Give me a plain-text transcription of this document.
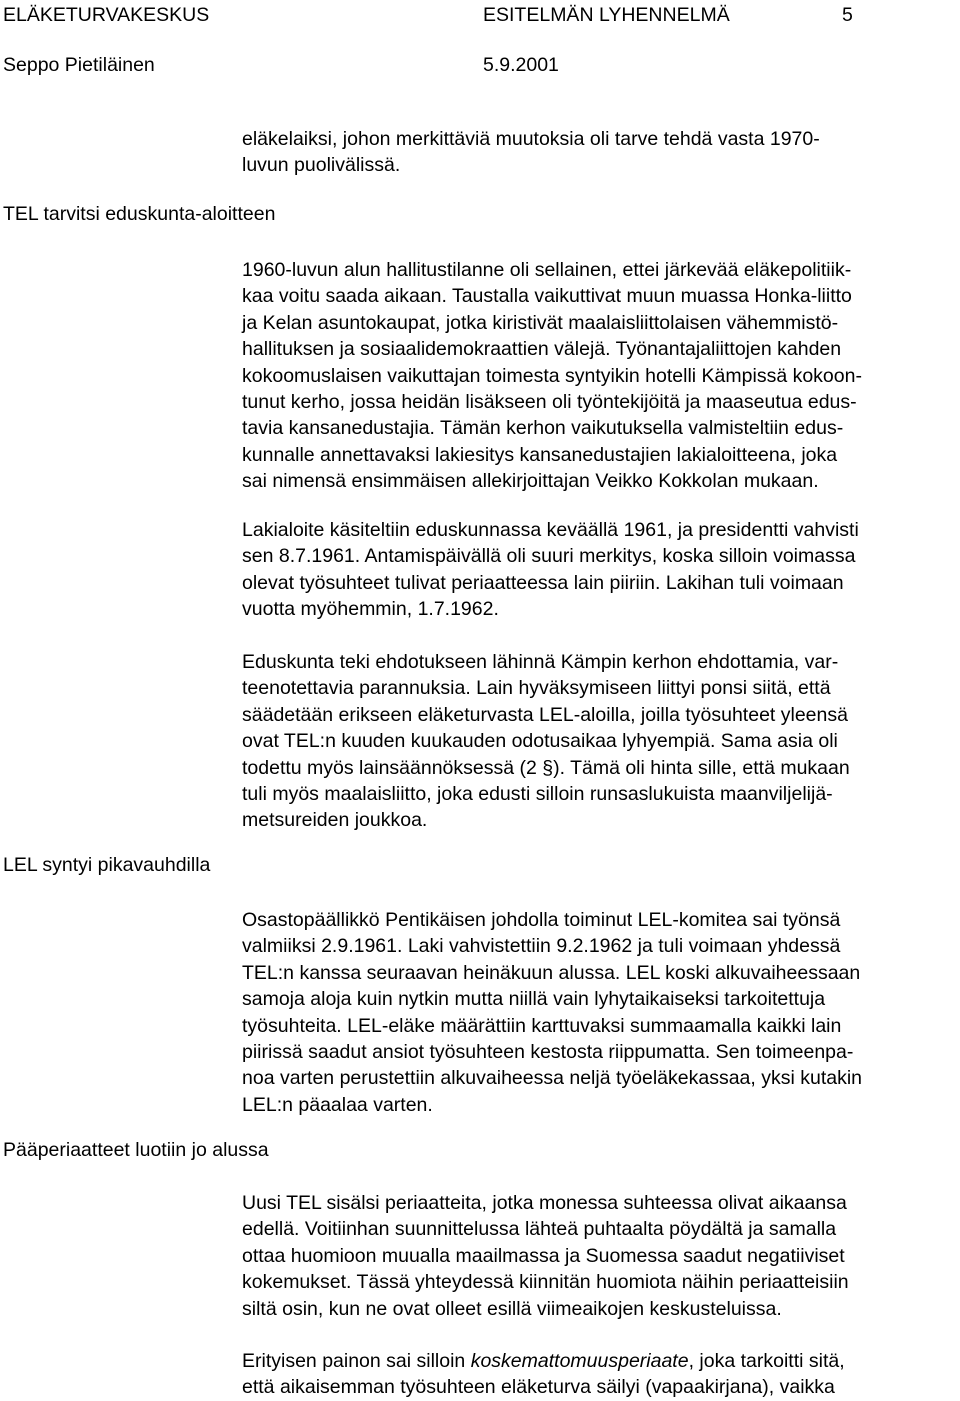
ELÄKETURVAKESKUS	ESITELMÄN LYHENNELMÄ	5
Seppo Pietiläinen	5.9.2001
TEL tarvitsi eduskunta-aloitteen
LEL syntyi pikavauhdilla
Pääperiaatteet luotiin jo alussa
eläkelaiksi, johon merkittäviä muutoksia oli tarve tehdä vasta 1970-
luvun puolivälissä.
1960-luvun alun hallitustilanne oli sellainen, ettei järkevää eläkepolitiik-
kaa voitu saada aikaan. Taustalla vaikuttivat muun muassa Honka-liitto
ja Kelan asuntokaupat, jotka kiristivät maalaisliittolaisen vähemmistö-
hallituksen ja sosiaalidemokraattien välejä. Työnantajaliittojen kahden
kokoomuslaisen vaikuttajan toimesta syntyikin hotelli Kämpissä kokoon-
tunut kerho, jossa heidän lisäkseen oli työntekijöitä ja maaseutua edus-
tavia kansanedustajia. Tämän kerhon vaikutuksella valmisteltiin edus-
kunnalle annettavaksi lakiesitys kansanedustajien lakialoitteena, joka
sai nimensä ensimmäisen allekirjoittajan Veikko Kokkolan mukaan.
Lakialoite käsiteltiin eduskunnassa keväällä 1961, ja presidentti vahvisti
sen 8.7.1961. Antamispäivällä oli suuri merkitys, koska silloin voimassa
olevat työsuhteet tulivat periaatteessa lain piiriin. Lakihan tuli voimaan
vuotta myöhemmin, 1.7.1962.
Eduskunta teki ehdotukseen lähinnä Kämpin kerhon ehdottamia, var-
teenotettavia parannuksia. Lain hyväksymiseen liittyi ponsi siitä, että
säädetään erikseen eläketurvasta LEL-aloilla, joilla työsuhteet yleensä
ovat TEL:n kuuden kuukauden odotusaikaa lyhyempiä. Sama asia oli
todettu myös lainsäännöksessä (2 §). Tämä oli hinta sille, että mukaan
tuli myös maalaisliitto, joka edusti silloin runsaslukuista maanviljelijä-
metsureiden joukkoa.
Osastopäällikkö Pentikäisen johdolla toiminut LEL-komitea sai työnsä
valmiiksi 2.9.1961. Laki vahvistettiin 9.2.1962 ja tuli voimaan yhdessä
TEL:n kanssa seuraavan heinäkuun alussa. LEL koski alkuvaiheessaan
samoja aloja kuin nytkin mutta niillä vain lyhytaikaiseksi tarkoitettuja
työsuhteita. LEL-eläke määrättiin karttuvaksi summaamalla kaikki lain
piirissä saadut ansiot työsuhteen kestosta riippumatta. Sen toimeenpa-
noa varten perustettiin alkuvaiheessa neljä työeläkekassaa, yksi kutakin
LEL:n päaalaa varten.
Uusi TEL sisälsi periaatteita, jotka monessa suhteessa olivat aikaansa
edellä. Voitiinhan suunnittelussa lähteä puhtaalta pöydältä ja samalla
ottaa huomioon muualla maailmassa ja Suomessa saadut negatiiviset
kokemukset. Tässä yhteydessä kiinnitän huomiota näihin periaatteisiin
siltä osin, kun ne ovat olleet esillä viimeaikojen keskusteluissa.
Erityisen painon sai silloin koskemattomuusperiaate, joka tarkoitti sitä,
että aikaisemman työsuhteen eläketurva säilyi (vapaakirjana), vaikka
